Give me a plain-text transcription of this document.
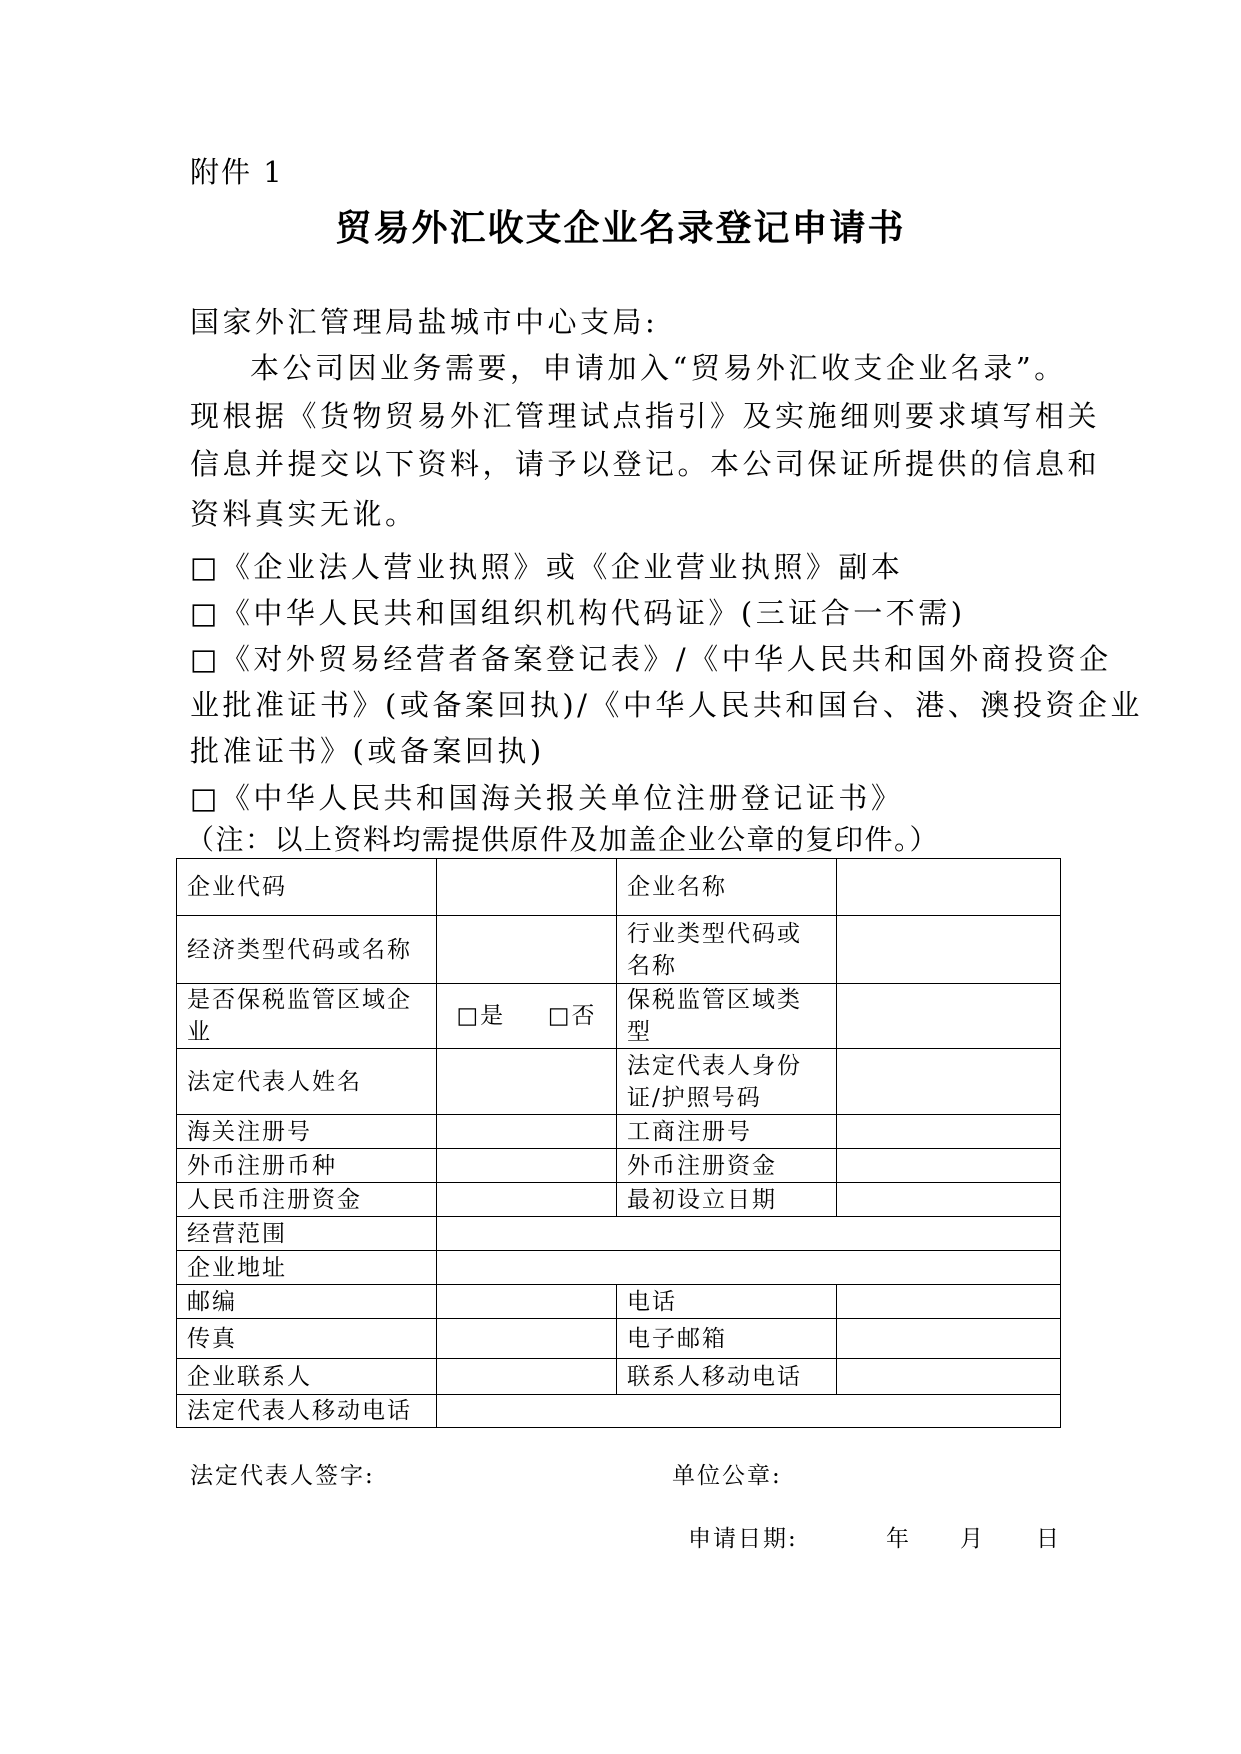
附件 1
贸易外汇收支企业名录登记申请书
国家外汇管理局盐城市中心支局:
本公司因业务需要，申请加入“贸易外汇收支企业名录”。
现根据《货物贸易外汇管理试点指引》及实施细则要求填写相关
信息并提交以下资料，请予以登记。本公司保证所提供的信息和
资料真实无讹。
□《企业法人营业执照》或《企业营业执照》副本
□《中华人民共和国组织机构代码证》(三证合一不需)
□《对外贸易经营者备案登记表》/《中华人民共和国外商投资企
业批准证书》(或备案回执)/《中华人民共和国台、港、澳投资企业
批准证书》(或备案回执)
□《中华人民共和国海关报关单位注册登记证书》
（注：以上资料均需提供原件及加盖企业公章的复印件。）
企业代码		企业名称	
经济类型代码或名称		行业类型代码或名称	
是否保税监管区域企业	□是 □否	保税监管区域类型	
法定代表人姓名		法定代表人身份证/护照号码	
海关注册号		工商注册号	
外币注册币种		外币注册资金	
人民币注册资金		最初设立日期	
经营范围			
企业地址			
邮编		电话	
传真		电子邮箱	
企业联系人		联系人移动电话	
法定代表人移动电话			
法定代表人签字:	单位公章:
申请日期:	年 月 日
